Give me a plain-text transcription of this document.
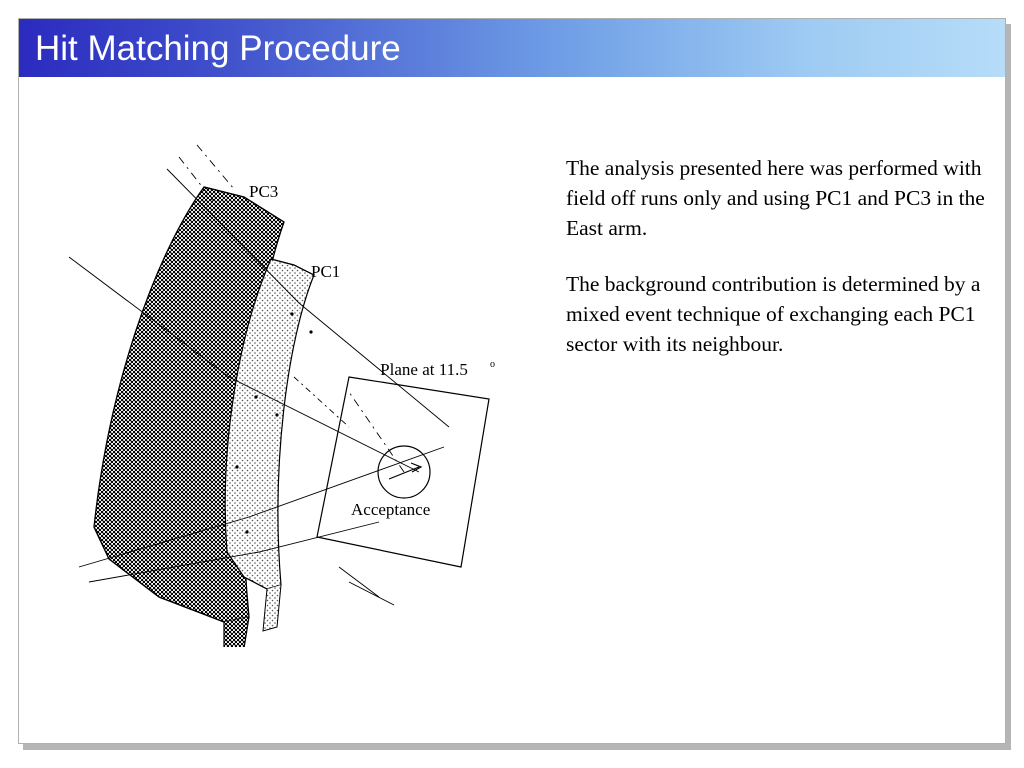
Hit Matching Procedure
PC3
PC1
Plane at 11.5 o
Acceptance

The analysis presented here was performed with field off runs only and using PC1 and PC3 in the East arm.

The background contribution is determined by a mixed event technique of exchanging each PC1 sector with its neighbour.
